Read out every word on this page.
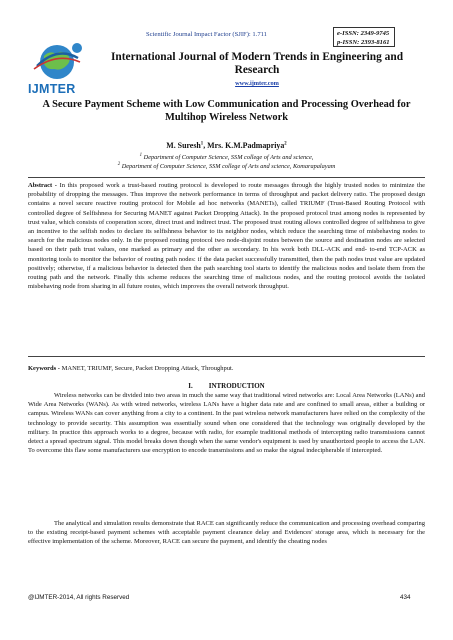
Scientific Journal Impact Factor (SJIF): 1.711	e-ISSN: 2349-9745
p-ISSN: 2393-8161
IJMTER
International Journal of Modern Trends in Engineering and Research
www.ijmter.com
A Secure Payment Scheme with Low Communication and Processing Overhead for Multihop Wireless Network
M. Suresh$^1$, Mrs. K.M.Padmapriya$^2$
$^1$ Department of Computer Science, SSM college of Arts and science,
$^2$ Department of Computer Science, SSM college of Arts and science, Komarapalayam
Abstract - In this proposed work a trust-based routing protocol is developed to route messages through the highly trusted nodes to minimize the probability of dropping the messages. Thus improve the network performance in terms of throughput and packet delivery ratio. The proposed design contains a novel secure reactive routing protocol for Mobile ad hoc networks (MANETs), called TRIUMF (Trust-Based Routing Protocol with controlled degree of Selfishness for Securing MANET against Packet Dropping Attack). In the proposed protocol trust among nodes is represented by trust value, which consists of cooperation score, direct trust and indirect trust. The proposed trust routing allows controlled degree of selfishness to give an incentive to the selfish nodes to declare its selfishness behavior to its neighbor nodes, which reduce the searching time of misbehaving nodes to search for the malicious nodes only. In the proposed routing protocol two node-disjoint routes between the source and destination nodes are selected based on their path trust values, one marked as primary and the other as secondary. In his work both DLL-ACK and end- to-end TCP-ACK as monitoring tools to monitor the behavior of routing path nodes: if the data packet successfully transmitted, then the path nodes trust value are updated positively; otherwise, if a malicious behavior is detected then the path searching tool starts to identify the malicious nodes and isolate them from the routing path and the network. Finally this scheme reduces the searching time of malicious nodes, and the routing protocol avoids the isolated misbehaving node from sharing in all future routes, which improves the overall network throughput.
Keywords - MANET, TRIUMF, Secure, Packet Dropping Attack, Throughput.
I. INTRODUCTION
Wireless networks can be divided into two areas in much the same way that traditional wired networks are: Local Area Networks (LANs) and Wide Area Networks (WANs). As with wired networks, wireless LANs have a higher data rate and are confined to small areas, either a building or campus. Wireless WANs can cover anything from a city to a continent. In the past wireless network manufacturers have relied on the complexity of the technology to provide security. This assumption was essentially sound when one considered that the technology was originally developed by the military. In practice this approach works to a degree, because with radio, for example traditional methods of intercepting radio transmissions cannot detect a spread spectrum signal. This model breaks down though when the same vendor's equipment is used by unauthorized people to access the LAN. To overcome this flaw some manufacturers use encryption to encode transmissions and so make the signal indecipherable if intercepted.
The analytical and simulation results demonstrate that RACE can significantly reduce the communication and processing overhead comparing to the existing receipt-based payment schemes with acceptable payment clearance delay and Evidences' storage area, which is necessary for the effective implementation of the scheme. Moreover, RACE can secure the payment, and identify the cheating nodes
@IJMTER-2014, All rights Reserved	434
